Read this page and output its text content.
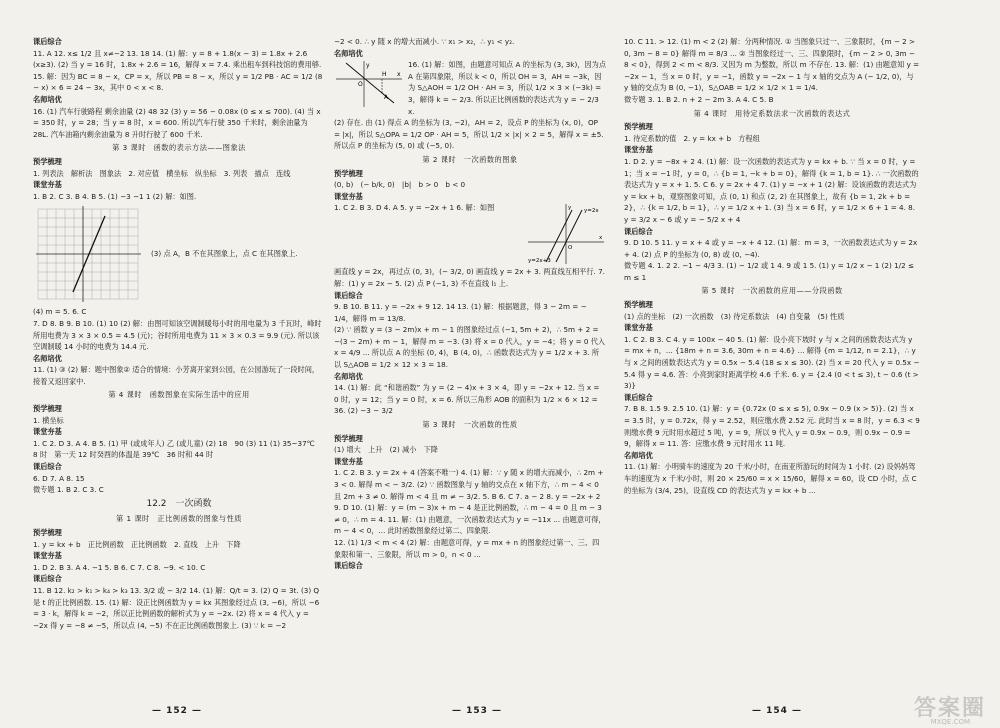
课后综合

11. A 12. x≤ 1/2 且 x≠−2 13. 18 14. (1) 解：y = 8 + 1.8(x − 3) = 1.8x + 2.6 (x≥3). (2) 当 y = 16 时，1.8x + 2.6 = 16，解得 x = 7.4. 乘出租车到科技馆的费用够.

15. 解：因为 BC = 8 − x，CP = x，所以 PB = 8 − x，所以 y = 1/2 PB · AC = 1/2 (8 − x) × 6 = 24 − 3x，其中 0 < x < 8.

名师培优

16. (1) 汽车行驶路程 剩余油量 (2) 48 32 (3) y = 56 − 0.08x (0 ≤ x ≤ 700). (4) 当 x = 350 时，y = 28；当 y = 8 时，x = 600. 所以汽车行驶 350 千米时，剩余油量为 28L. 汽车油箱内剩余油量为 8 升时行驶了 600 千米.

第 3 课时　函数的表示方法——图象法

预学梳理

1. 列表法　解析法　图象法　2. 对应值　横坐标　纵坐标　3. 列表　描点　连线

课堂夯基

1. B 2. C 3. B 4. B 5. (1) −3 −1 1 (2) 解：如图.

(3) 点 A，B 不在其图象上，点 C 在其图象上.

(4) m = 5. 6. C

7. D 8. B 9. B 10. (1) 10 (2) 解：由图可知该空调制暖每小时的用电量为 3 千瓦时，峰时所用电费为 3 × 3 × 0.5 = 4.5 (元)；谷时所用电费为 11 × 3 × 0.3 = 9.9 (元). 所以该空调制暖 14 小时的电费为 14.4 元.

名师培优

11. (1) ③ (2) 解：题中图象② 适合的情境：小芳离开家到公园，在公园游玩了一段时间，接着又返回家中.

第 4 课时　函数图象在实际生活中的应用

预学梳理

1. 横坐标

课堂夯基

1. C 2. D 3. A 4. B 5. (1) 甲 (或成年人) 乙 (或儿童) (2) 18　90 (3) 11 (1) 35~37℃　8 时　第一天 12 时癸酉的体温是 39℃　36 时和 44 时

课后综合

6. D 7. A 8. 15

微专题 1. B 2. C 3. C

12.2　一次函数

第 1 课时　正比例函数的图象与性质

预学梳理

1. y = kx + b　正比例函数　正比例函数　2. 直线　上升　下降

课堂夯基

1. D 2. B 3. A 4. −1 5. B 6. C 7. C 8. −9. < 10. C

课后综合

11. B 12. k₂ > k₁ > k₄ > k₃ 13. 3/2 或 − 3/2 14. (1) 解：Q/t = 3. (2) Q = 3t. (3) Q 是 t 的正比例函数. 15. (1) 解：设正比例函数为 y = kx 其图象经过点 (3, −6)，所以 −6 = 3 · k，解得 k = −2，所以正比例函数的解析式为 y = −2x. (2) 将 x = 4 代入 y = −2x 得 y = −8 ≠ −5，所以点 (4, −5) 不在正比例函数图象上. (3) ∵ k = −2

— 152 —

−2 < 0. ∴ y 随 x 的增大而减小. ∵ x₁ > x₂，∴ y₁ < y₂.

名师培优

y
O
H x
A

16. (1) 解：如图，由题意可知点 A 的坐标为 (3, 3k)，因为点 A 在第四象限，所以 k < 0，所以 OH = 3，AH = −3k，因为 S△AOH = 1/2 OH · AH = 3，所以 1/2 × 3 × (−3k) = 3，解得 k = − 2/3. 所以正比例函数的表达式为 y = − 2/3 x.

(2) 存在. 由 (1) 得点 A 的坐标为 (3, −2)，AH = 2，设点 P 的坐标为 (x, 0)，OP = |x|，所以 S△OPA = 1/2 OP · AH = 5，所以 1/2 × |x| × 2 = 5，解得 x = ±5. 所以点 P 的坐标为 (5, 0) 或 (−5, 0).

第 2 课时　一次函数的图象

预学梳理

(0, b)　(− b/k, 0)　|b|　b > 0　b < 0

课堂夯基

y=2x
y=2x+3
O
x
y

1. C 2. B 3. D 4. A 5. y = −2x + 1 6. 解：如图

画直线 y = 2x，再过点 (0, 3)，(− 3/2, 0) 画直线 y = 2x + 3. 两直线互相平行. 7. 解：(1) y = 2x − 5. (2) 点 P (−1, 3) 不在直线 l₁ 上.

课后综合

9. B 10. B 11. y = −2x + 9 12. 14 13. (1) 解：根据题意，得 3 − 2m = − 1/4，解得 m = 13/8.

(2) ∵ 函数 y = (3 − 2m)x + m − 1 的图象经过点 (−1, 5m + 2)，∴ 5m + 2 = −(3 − 2m) + m − 1，解得 m = −3. (3) 将 x = 0 代入，y = −4；将 y = 0 代入 x = 4/9 ... 所以点 A 的坐标 (0, 4)，B (4, 0)，∴ 函数表达式为 y = 1/2 x + 3. 所以 S△AOB = 1/2 × 12 × 3 = 18.

名师培优

14. (1) 解：此 “和谐函数” 为 y = (2 − 4)x + 3 × 4，即 y = −2x + 12. 当 x = 0 时，y = 12；当 y = 0 时，x = 6. 所以三角形 AOB 的面积为 1/2 × 6 × 12 = 36. (2) −3 − 3/2

第 3 课时　一次函数的性质

预学梳理

(1) 增大　上升　(2) 减小　下降

课堂夯基

1. C 2. B 3. y = 2x + 4 (答案不唯一) 4. (1) 解：∵ y 随 x 的增大而减小，∴ 2m + 3 < 0. 解得 m < − 3/2. (2) ∵ 函数图象与 y 轴的交点在 x 轴下方，∴ m − 4 < 0 且 2m + 3 ≠ 0. 解得 m < 4 且 m ≠ − 3/2. 5. B 6. C 7. a − 2 8. y = −2x + 2

9. D 10. (1) 解：y = (m − 3)x + m − 4 是正比例函数，∴ m − 4 = 0 且 m − 3 ≠ 0，∴ m = 4. 11. 解：(1) 由题意，一次函数表达式为 y = −11x ... 由题意可得，m − 4 < 0，... 此时函数图象经过第二、四象限.

12. (1) 1/3 < m < 4 (2) 解：由题意可得，y = mx + n 的图象经过第一、三、四象限和第一、三象限，所以 m > 0，n < 0 ...

课后综合

— 153 —

10. C 11. > 12. (1) m < 2 (2) 解：分两种情况. ① 当图象只过一、三象限时，{m − 2 > 0, 3m − 8 = 0} 解得 m = 8/3 ... ② 当图象经过一、三、四象限时，{m − 2 > 0, 3m − 8 < 0}，得到 2 < m < 8/3. 又因为 m 为整数，所以 m 不存在. 13. 解：(1) 由题意知 y = −2x − 1，当 x = 0 时，y = −1，函数 y = −2x − 1 与 x 轴的交点为 A (− 1/2, 0)，与 y 轴的交点为 B (0, −1)，S△OAB = 1/2 × 1/2 × 1 = 1/4.

微专题 3. 1. B 2. n + 2 − 2m 3. A 4. C 5. B

第 4 课时　用待定系数法求一次函数的表达式

预学梳理

1. 待定系数的值　2. y = kx + b　方程组

课堂夯基

1. D 2. y = −8x + 2 4. (1) 解：设一次函数的表达式为 y = kx + b. ∵ 当 x = 0 时，y = 1；当 x = −1 时，y = 0，∴ {b = 1, −k + b = 0}，解得 {k = 1, b = 1}. ∴ 一次函数的表达式为 y = x + 1. 5. C 6. y = 2x + 4 7. (1) y = −x + 1 (2) 解：设该函数的表达式为 y = kx + b，观察图象可知，点 (0, 1) 和点 (2, 2) 在其图象上，故有 {b = 1, 2k + b = 2}，∴ {k = 1/2, b = 1}，∴ y = 1/2 x + 1. (3) 当 x = 6 时，y = 1/2 × 6 + 1 = 4. 8. y = 3/2 x − 6 或 y = − 5/2 x + 4

课后综合

9. D 10. 5 11. y = x + 4 或 y = −x + 4 12. (1) 解：m = 3，一次函数表达式为 y = 2x + 4. (2) 点 P 的坐标为 (0, 8) 或 (0, −4).

微专题 4. 1. 2 2. −1 − 4/3 3. (1) − 1/2 或 1 4. 9 或 1 5. (1) y = 1/2 x − 1 (2) 1/2 ≤ m ≤ 1

第 5 课时　一次函数的应用——分段函数

预学梳理

(1) 点的坐标　(2) 一次函数　(3) 待定系数法　(4) 自变量　(5) 性质

课堂夯基

1. C 2. B 3. C 4. y = 100x − 40 5. (1) 解：设小亮下坡时 y 与 x 之间的函数表达式为 y = mx + n，... {18m + n = 3.6, 30m + n = 4.6} ... 解得 {m = 1/12, n = 2.1}，∴ y 与 x 之间的函数表达式为 y = 0.5x − 5.4 (18 ≤ x ≤ 30). (2) 当 x = 20 代入 y = 0.5x − 5.4 得 y = 4.6. 答：小亮到家时距离学校 4.6 千米. 6. y = {2.4 (0 < t ≤ 3), t − 0.6 (t > 3)}

课后综合

7. B 8. 1.5 9. 2.5 10. (1) 解：y = {0.72x (0 ≤ x ≤ 5), 0.9x − 0.9 (x > 5)}. (2) 当 x = 3.5 时，y = 0.72x，得 y = 2.52，则应缴水费 2.52 元. 此时当 x = 8 时，y = 6.3 < 9 则缴水费 9 元时用水超过 5 吨，y = 9，所以 9 代入 y = 0.9x − 0.9，则 0.9x − 0.9 = 9，解得 x = 11. 答：应缴水费 9 元时用水 11 吨.

名师培优

11. (1) 解：小明骑车的速度为 20 千米/小时，在南亚所游玩的时间为 1 小时. (2) 设妈妈驾车的速度为 x 千米/小时，则 20 × 25/60 = x × 15/60，解得 x = 60，设 CD 小时，点 C 的坐标为 (3/4, 25)，设直线 CD 的表达式为 y = kx + b ...

— 154 —	答案圈
MXQE.COM
